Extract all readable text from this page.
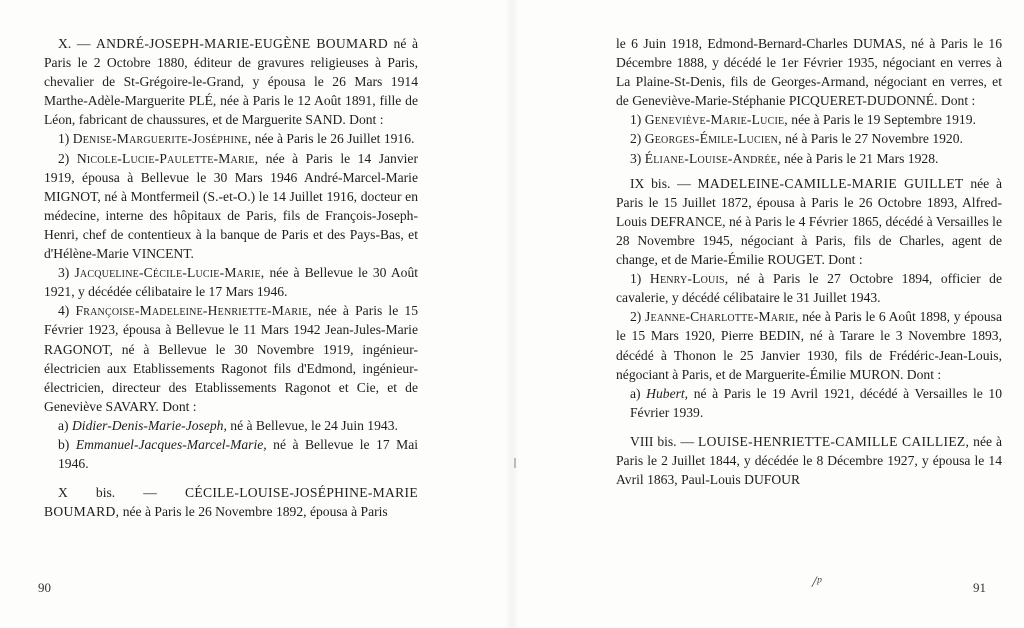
X. — ANDRÉ-JOSEPH-MARIE-EUGÈNE BOUMARD né à Paris le 2 Octobre 1880, éditeur de gravures religieuses à Paris, chevalier de St-Grégoire-le-Grand, y épousa le 26 Mars 1914 Marthe-Adèle-Marguerite PLÉ, née à Paris le 12 Août 1891, fille de Léon, fabricant de chaussures, et de Marguerite SAND. Dont :

1) Denise-Marguerite-Joséphine, née à Paris le 26 Juillet 1916.

2) Nicole-Lucie-Paulette-Marie, née à Paris le 14 Janvier 1919, épousa à Bellevue le 30 Mars 1946 André-Marcel-Marie MIGNOT, né à Montfermeil (S.-et-O.) le 14 Juillet 1916, docteur en médecine, interne des hôpitaux de Paris, fils de François-Joseph-Henri, chef de contentieux à la banque de Paris et des Pays-Bas, et d'Hélène-Marie VINCENT.

3) Jacqueline-Cécile-Lucie-Marie, née à Bellevue le 30 Août 1921, y décédée célibataire le 17 Mars 1946.

4) Françoise-Madeleine-Henriette-Marie, née à Paris le 15 Février 1923, épousa à Bellevue le 11 Mars 1942 Jean-Jules-Marie RAGONOT, né à Bellevue le 30 Novembre 1919, ingénieur-électricien aux Etablissements Ragonot fils d'Edmond, ingénieur-électricien, directeur des Etablissements Ragonot et Cie, et de Geneviève SAVARY. Dont :

a) Didier-Denis-Marie-Joseph, né à Bellevue, le 24 Juin 1943.

b) Emmanuel-Jacques-Marcel-Marie, né à Bellevue le 17 Mai 1946.

X bis. — CÉCILE-LOUISE-JOSÉPHINE-MARIE BOUMARD, née à Paris le 26 Novembre 1892, épousa à Paris

90

le 6 Juin 1918, Edmond-Bernard-Charles DUMAS, né à Paris le 16 Décembre 1888, y décédé le 1er Février 1935, négociant en verres à La Plaine-St-Denis, fils de Georges-Armand, négociant en verres, et de Geneviève-Marie-Stéphanie PICQUERET-DUDONNÉ. Dont :

1) Geneviève-Marie-Lucie, née à Paris le 19 Septembre 1919.

2) Georges-Émile-Lucien, né à Paris le 27 Novembre 1920.

3) Éliane-Louise-Andrée, née à Paris le 21 Mars 1928.

IX bis. — MADELEINE-CAMILLE-MARIE GUILLET née à Paris le 15 Juillet 1872, épousa à Paris le 26 Octobre 1893, Alfred-Louis DEFRANCE, né à Paris le 4 Février 1865, décédé à Versailles le 28 Novembre 1945, négociant à Paris, fils de Charles, agent de change, et de Marie-Émilie ROUGET. Dont :

1) Henry-Louis, né à Paris le 27 Octobre 1894, officier de cavalerie, y décédé célibataire le 31 Juillet 1943.

2) Jeanne-Charlotte-Marie, née à Paris le 6 Août 1898, y épousa le 15 Mars 1920, Pierre BEDIN, né à Tarare le 3 Novembre 1893, décédé à Thonon le 25 Janvier 1930, fils de Frédéric-Jean-Louis, négociant à Paris, et de Marguerite-Émilie MURON. Dont :

a) Hubert, né à Paris le 19 Avril 1921, décédé à Versailles le 10 Février 1939.

VIII bis. — LOUISE-HENRIETTE-CAMILLE CAILLIEZ, née à Paris le 2 Juillet 1844, y décédée le 8 Décembre 1927, y épousa le 14 Avril 1863, Paul-Louis DUFOUR

/ᵖ	91
